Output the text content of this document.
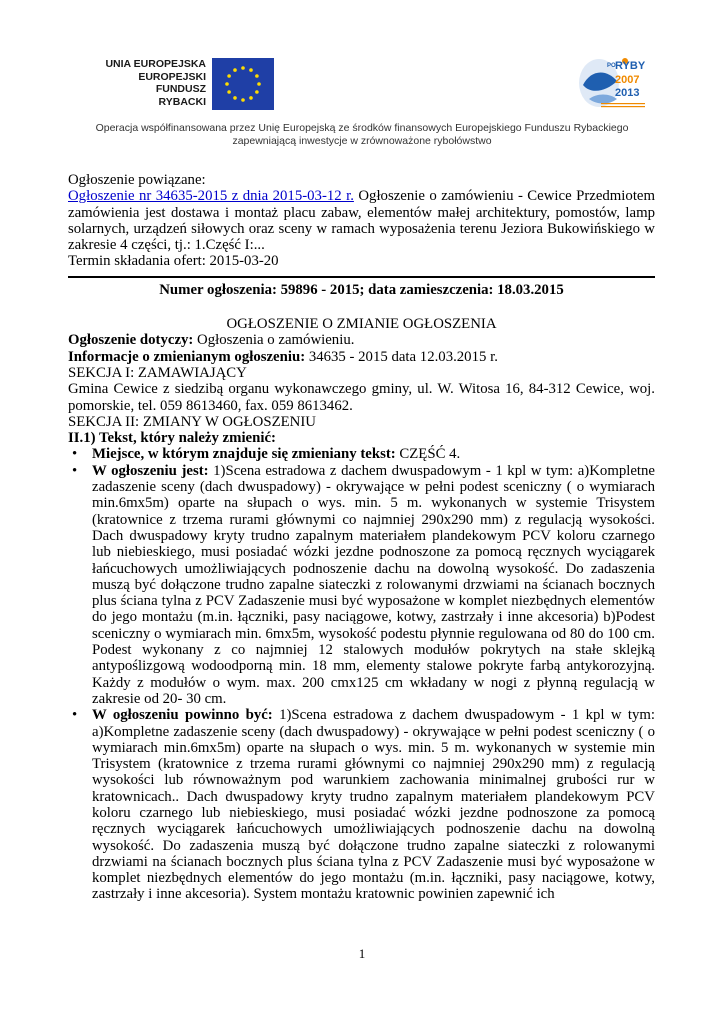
UNIA EUROPEJSKA
EUROPEJSKI FUNDUSZ
RYBACKI
PO RYBY
2007
2013
Operacja współfinansowana przez Unię Europejską ze środków finansowych Europejskiego Funduszu Rybackiego
zapewniającą inwestycje w zrównoważone rybołówstwo

Ogłoszenie powiązane:

Ogłoszenie nr 34635-2015 z dnia 2015-03-12 r. Ogłoszenie o zamówieniu - Cewice Przedmiotem zamówienia jest dostawa i montaż placu zabaw, elementów małej architektury, pomostów, lamp solarnych, urządzeń siłowych oraz sceny w ramach wyposażenia terenu Jeziora Bukowińskiego w zakresie 4 części, tj.: 1.Część I:...

Termin składania ofert: 2015-03-20

Numer ogłoszenia: 59896 - 2015; data zamieszczenia: 18.03.2015

OGŁOSZENIE O ZMIANIE OGŁOSZENIA

Ogłoszenie dotyczy: Ogłoszenia o zamówieniu.

Informacje o zmienianym ogłoszeniu: 34635 - 2015 data 12.03.2015 r.

SEKCJA I: ZAMAWIAJĄCY

Gmina Cewice z siedzibą organu wykonawczego gminy, ul. W. Witosa 16, 84-312 Cewice, woj. pomorskie, tel. 059 8613460, fax. 059 8613462.

SEKCJA II: ZMIANY W OGŁOSZENIU

II.1) Tekst, który należy zmienić:

• Miejsce, w którym znajduje się zmieniany tekst: CZĘŚĆ 4.
• W ogłoszeniu jest: 1)Scena estradowa z dachem dwuspadowym - 1 kpl w tym: a)Kompletne zadaszenie sceny (dach dwuspadowy) - okrywające w pełni podest sceniczny ( o wymiarach min.6mx5m) oparte na słupach o wys. min. 5 m. wykonanych w systemie Trisystem (kratownice z trzema rurami głównymi co najmniej 290x290 mm) z regulacją wysokości. Dach dwuspadowy kryty trudno zapalnym materiałem plandekowym PCV koloru czarnego lub niebieskiego, musi posiadać wózki jezdne podnoszone za pomocą ręcznych wyciągarek łańcuchowych umożliwiających podnoszenie dachu na dowolną wysokość. Do zadaszenia muszą być dołączone trudno zapalne siateczki z rolowanymi drzwiami na ścianach bocznych plus ściana tylna z PCV Zadaszenie musi być wyposażone w komplet niezbędnych elementów do jego montażu (m.in. łączniki, pasy naciągowe, kotwy, zastrzały i inne akcesoria) b)Podest sceniczny o wymiarach min. 6mx5m, wysokość podestu płynnie regulowana od 80 do 100 cm. Podest wykonany z co najmniej 12 stalowych modułów pokrytych na stałe sklejką antypoślizgową wodoodporną min. 18 mm, elementy stalowe pokryte farbą antykorozyjną. Każdy z modułów o wym. max. 200 cmx125 cm wkładany w nogi z płynną regulacją w zakresie od 20- 30 cm.
• W ogłoszeniu powinno być: 1)Scena estradowa z dachem dwuspadowym - 1 kpl w tym: a)Kompletne zadaszenie sceny (dach dwuspadowy) - okrywające w pełni podest sceniczny ( o wymiarach min.6mx5m) oparte na słupach o wys. min. 5 m. wykonanych w systemie min Trisystem (kratownice z trzema rurami głównymi co najmniej 290x290 mm) z regulacją wysokości lub równoważnym pod warunkiem zachowania minimalnej grubości rur w kratownicach.. Dach dwuspadowy kryty trudno zapalnym materiałem plandekowym PCV koloru czarnego lub niebieskiego, musi posiadać wózki jezdne podnoszone za pomocą ręcznych wyciągarek łańcuchowych umożliwiających podnoszenie dachu na dowolną wysokość. Do zadaszenia muszą być dołączone trudno zapalne siateczki z rolowanymi drzwiami na ścianach bocznych plus ściana tylna z PCV Zadaszenie musi być wyposażone w komplet niezbędnych elementów do jego montażu (m.in. łączniki, pasy naciągowe, kotwy, zastrzały i inne akcesoria). System montażu kratownic powinien zapewnić ich
1
